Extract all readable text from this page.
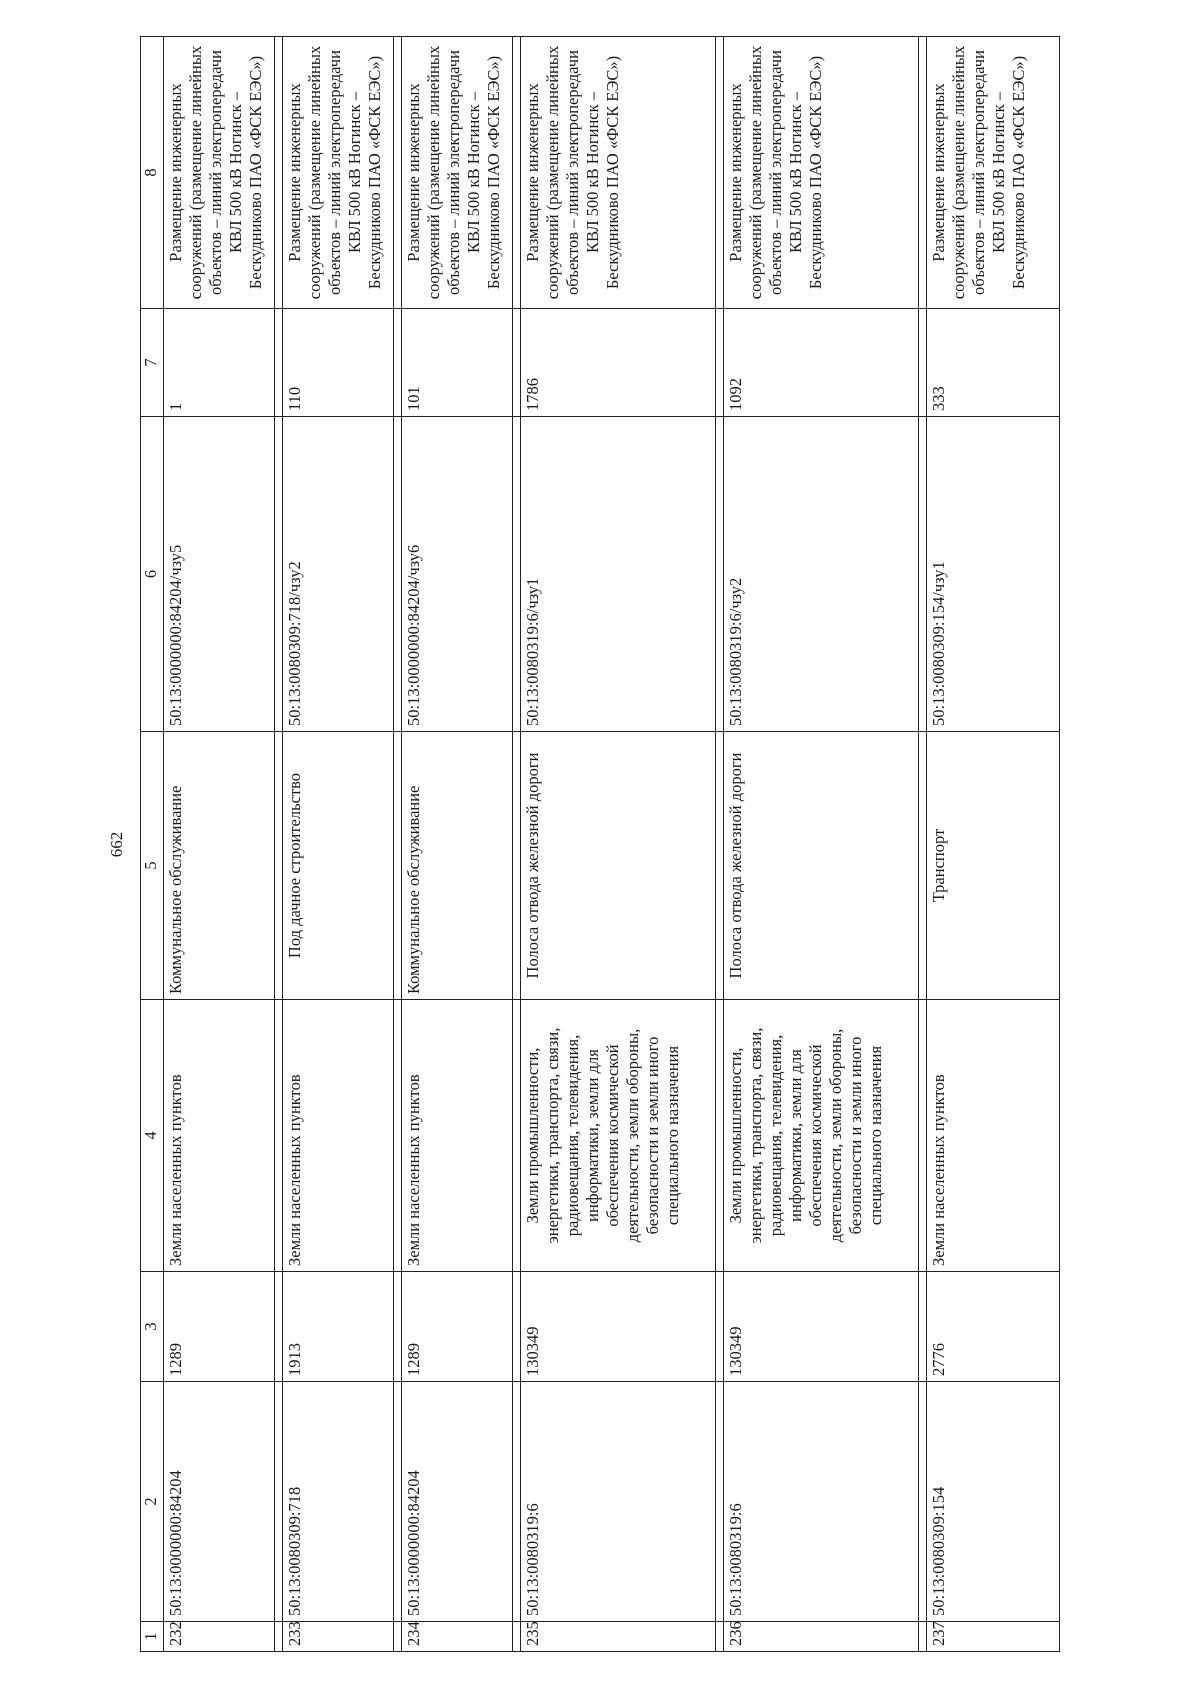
662
1	2	3	4	5	6	7	8
232	50:13:0000000:84204	1289	Земли населенных пунктов	Коммунальное обслуживание	50:13:0000000:84204/чзу5	1	Размещение инженерных сооружений (размещение линейных объектов – линий электропередачи КВЛ 500 кВ Ногинск – Бескудниково ПАО «ФСК ЕЭС»)

233	50:13:0080309:718	1913	Земли населенных пунктов	Под дачное строительство	50:13:0080309:718/чзу2	110	Размещение инженерных сооружений (размещение линейных объектов – линий электропередачи КВЛ 500 кВ Ногинск – Бескудниково ПАО «ФСК ЕЭС»)

234	50:13:0000000:84204	1289	Земли населенных пунктов	Коммунальное обслуживание	50:13:0000000:84204/чзу6	101	Размещение инженерных сооружений (размещение линейных объектов – линий электропередачи КВЛ 500 кВ Ногинск – Бескудниково ПАО «ФСК ЕЭС»)

235	50:13:0080319:6	130349	Земли промышленности, энергетики, транспорта, связи, радиовещания, телевидения, информатики, земли для обеспечения космической деятельности, земли обороны, безопасности и земли иного специального назначения	Полоса отвода железной дороги	50:13:0080319:6/чзу1	1786	Размещение инженерных сооружений (размещение линейных объектов – линий электропередачи КВЛ 500 кВ Ногинск – Бескудниково ПАО «ФСК ЕЭС»)

236	50:13:0080319:6	130349	Земли промышленности, энергетики, транспорта, связи, радиовещания, телевидения, информатики, земли для обеспечения космической деятельности, земли обороны, безопасности и земли иного специального назначения	Полоса отвода железной дороги	50:13:0080319:6/чзу2	1092	Размещение инженерных сооружений (размещение линейных объектов – линий электропередачи КВЛ 500 кВ Ногинск – Бескудниково ПАО «ФСК ЕЭС»)

237	50:13:0080309:154	2776	Земли населенных пунктов	Транспорт	50:13:0080309:154/чзу1	333	Размещение инженерных сооружений (размещение линейных объектов – линий электропередачи КВЛ 500 кВ Ногинск – Бескудниково ПАО «ФСК ЕЭС»)
